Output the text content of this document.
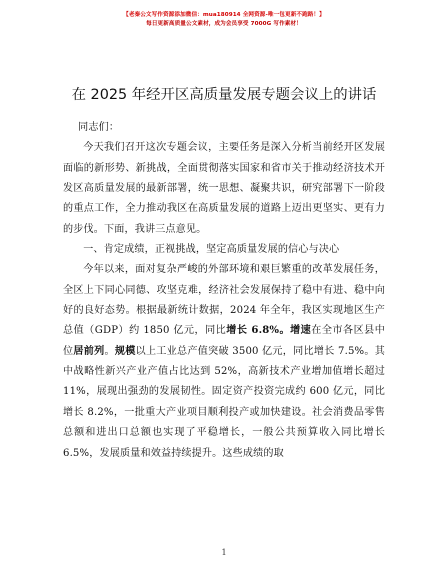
【老秦公文写作资源添加微信：mua180914 全网资源-唯一包更新不跑路！】
每日更新高质量公文素材，成为会员享受 7000G 写作素材！
在 2025 年经开区高质量发展专题会议上的讲话

同志们：

今天我们召开这次专题会议，主要任务是深入分析当前经开区发展面临的新形势、新挑战，全面贯彻落实国家和省市关于推动经济技术开发区高质量发展的最新部署，统一思想、凝聚共识，研究部署下一阶段的重点工作，全力推动我区在高质量发展的道路上迈出更坚实、更有力的步伐。下面，我讲三点意见。

一、肯定成绩，正视挑战，坚定高质量发展的信心与决心

今年以来，面对复杂严峻的外部环境和艰巨繁重的改革发展任务，全区上下同心同德、攻坚克难，经济社会发展保持了稳中有进、稳中向好的良好态势。根据最新统计数据，2024 年全年，我区实现地区生产总值（GDP）约 1850 亿元，同比增长 6.8%。增速在全市各区县中位居前列。规模以上工业总产值突破 3500 亿元，同比增长 7.5%。其中战略性新兴产业产值占比达到 52%，高新技术产业增加值增长超过 11%，展现出强劲的发展韧性。固定资产投资完成约 600 亿元，同比增长 8.2%，一批重大产业项目顺利投产或加快建设。社会消费品零售总额和进出口总额也实现了平稳增长，一般公共预算收入同比增长 6.5%，发展质量和效益持续提升。这些成绩的取

1
